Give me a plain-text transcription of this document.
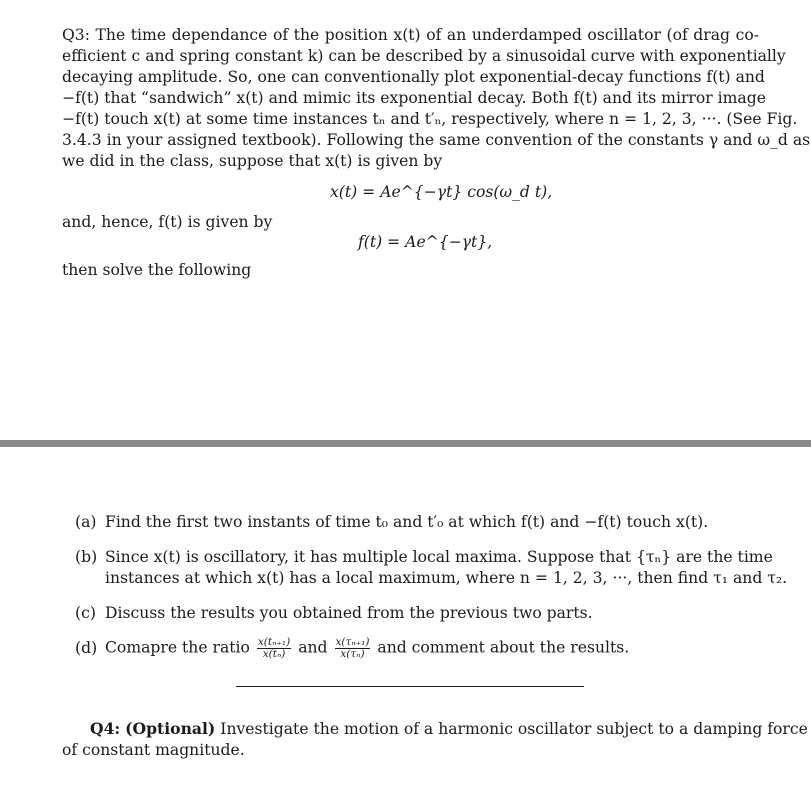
Q3: The time dependance of the position x(t) of an underdamped oscillator (of drag co-
efficient c and spring constant k) can be described by a sinusoidal curve with exponentially
decaying amplitude. So, one can conventionally plot exponential-decay functions f(t) and
−f(t) that “sandwich” x(t) and mimic its exponential decay. Both f(t) and its mirror image
−f(t) touch x(t) at some time instances tₙ and t′ₙ, respectively, where n = 1, 2, 3, ···. (See Fig.
3.4.3 in your assigned textbook). Following the same convention of the constants γ and ω_d as
we did in the class, suppose that x(t) is given by
x(t) = Ae^{−γt} cos(ω_d t),
and, hence, f(t) is given by
f(t) = Ae^{−γt},
then solve the following
(a) Find the first two instants of time t₀ and t′₀ at which f(t) and −f(t) touch x(t).
(b) Since x(t) is oscillatory, it has multiple local maxima. Suppose that {τₙ} are the time
instances at which x(t) has a local maximum, where n = 1, 2, 3, ···, then find τ₁ and τ₂.
(c) Discuss the results you obtained from the previous two parts.
(d) Comapre the ratio $\frac{\text{x(tₙ₊₁)}}{\text{x(tₙ)}}$ and $\frac{\text{x(τₙ₊₁)}}{\text{x(τₙ)}}$ and comment about the results.
Q4: (Optional) Investigate the motion of a harmonic oscillator subject to a damping force
of constant magnitude.
